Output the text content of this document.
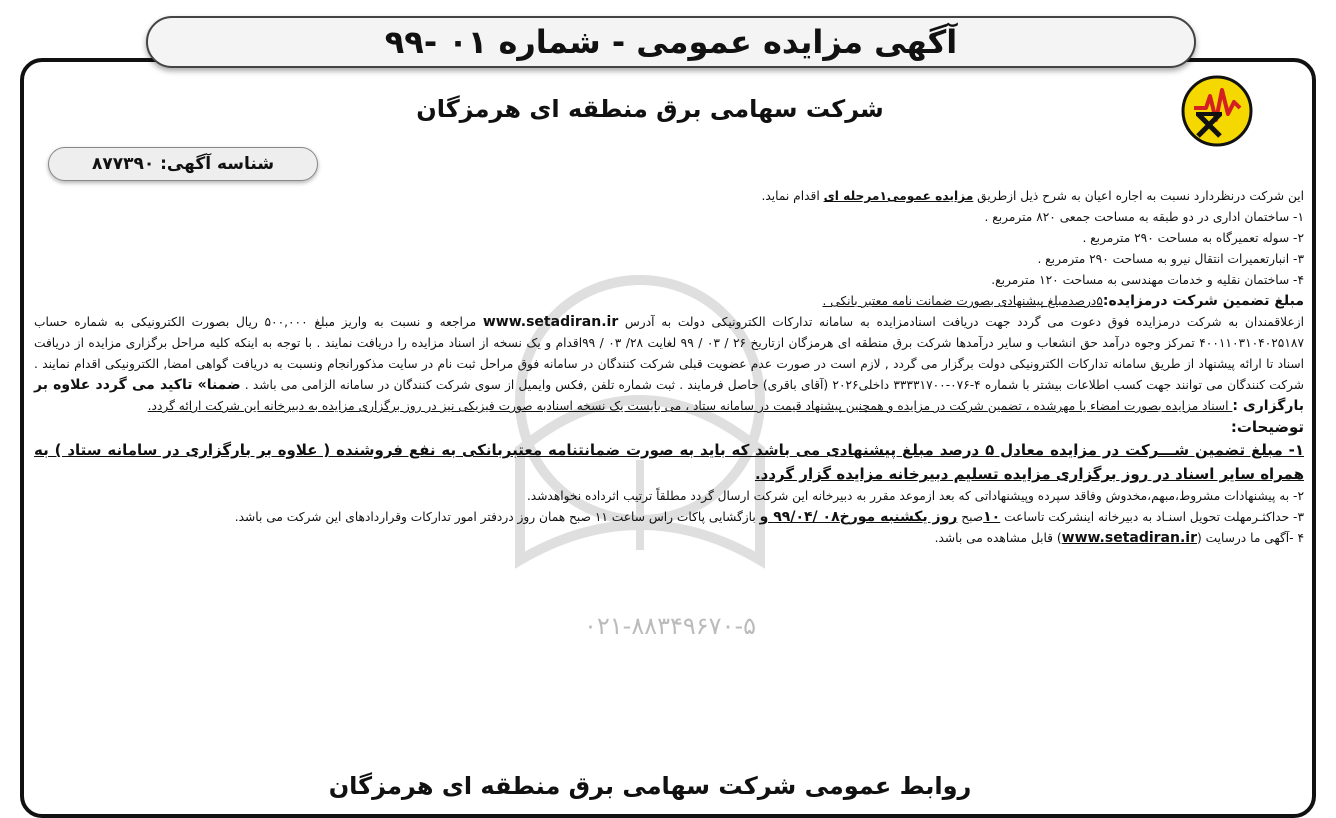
آگهی مزایده عمومی - شماره ۰۱ -۹۹
شرکت سهامی برق منطقه ای هرمزگان
شناسه آگهی: ۸۷۷۳۹۰
۰۲۱-۸۸۳۴۹۶۷۰-۵

این شرکت درنظردارد نسبت به اجاره اعیان به شرح ذیل ازطریق مزایده عمومی۱مرحله ای اقدام نماید.

۱- ساختمان اداری در دو طبقه به مساحت جمعی ۸۲۰ مترمربع .

۲- سوله تعمیرگاه به مساحت ۲۹۰ مترمربع .

۳- انبارتعمیرات انتقال نیرو به مساحت ۲۹۰ مترمربع .

۴- ساختمان نقلیه و خدمات مهندسی به مساحت ۱۲۰ مترمربع.

مبلغ تضمین شرکت درمزایده:۵درصدمبلغ پیشنهادی بصورت ضمانت نامه معتبر بانکی .

ازعلاقمندان به شرکت درمزایده فوق دعوت می گردد جهت دریافت اسنادمزایده به سامانه تدارکات الکترونیکی دولت به آدرس www.setadiran.ir مراجعه و نسبت به واریز مبلغ ۵۰۰,۰۰۰ ریال بصورت الکترونیکی به شماره حساب ۴۰۰۱۱۰۳۱۰۴۰۲۵۱۸۷ تمرکز وجوه درآمد حق انشعاب و سایر درآمدها شرکت برق منطقه ای هرمزگان ازتاریخ ۲۶ / ۰۳ / ۹۹ لغایت ۲۸/ ۰۳ / ۹۹اقدام و یک نسخه از اسناد مزایده را دریافت نمایند . با توجه به اینکه کلیه مراحل برگزاری مزایده از دریافت اسناد تا ارائه پیشنهاد از طریق سامانه تدارکات الکترونیکی دولت برگزار می گردد , لازم است در صورت عدم عضویت قبلی شرکت کنندگان در سامانه فوق مراحل ثبت نام در سایت مذکورانجام ونسبت به دریافت گواهی امضا, الکترونیکی اقدام نمایند . شرکت کنندگان می توانند جهت کسب اطلاعات بیشتر با شماره ۴-۰۷۶-۳۳۳۳۱۷۰۰ داخلی۲۰۲۶ (آقای باقری) حاصل فرمایند . ثبت شماره تلفن ,فکس وایمیل از سوی شرکت کنندگان در سامانه الزامی می باشد . ضمنا» تاکید می گردد علاوه بر بارگزاری : اسناد مزایده بصورت امضاء یا مهرشده ، تضمین شرکت در مزایده و همچنین پیشنهاد قیمت در سامانه ستاد ، می بایست یک نسخه اسنادبه صورت فیزیکی نیز در روز برگزاری مزایده به دبیرخانه این شرکت ارائه گردد.

توضیحات:

۱- مبلغ تضمین شـــرکت در مزایده معادل ۵ درصد مبلغ پیشنهادی می باشد که باید به صورت ضمانتنامه معتبربانکی به نفع فروشنده ( علاوه بر بارگزاری در سامانه ستاد ) به همراه سایر اسناد در روز برگزاری مزایده تسلیم دبیرخانه مزایده گزار گردد.

۲- به پیشنهادات مشروط،مبهم،مخدوش وفاقد سپرده وپیشنهاداتی که بعد ازموعد مقرر به دبیرخانه این شرکت ارسال گردد مطلقاً ترتیب اثرداده نخواهدشد.

۳- حداکثـرمهلت تحویل اسنـاد به دبیرخانه اینشرکت تاساعت ۱۰صبح روز یکشنبه مورخ۰۸ /۹۹/۰۴ و بازگشایی پاکات راس ساعت ۱۱ صبح همان روز دردفتر امور تدارکات وقراردادهای این شرکت می باشد.

۴ -آگهی ما درسایت (www.setadiran.ir) قابل مشاهده می باشد.

روابط عمومی شرکت سهامی برق منطقه ای هرمزگان
